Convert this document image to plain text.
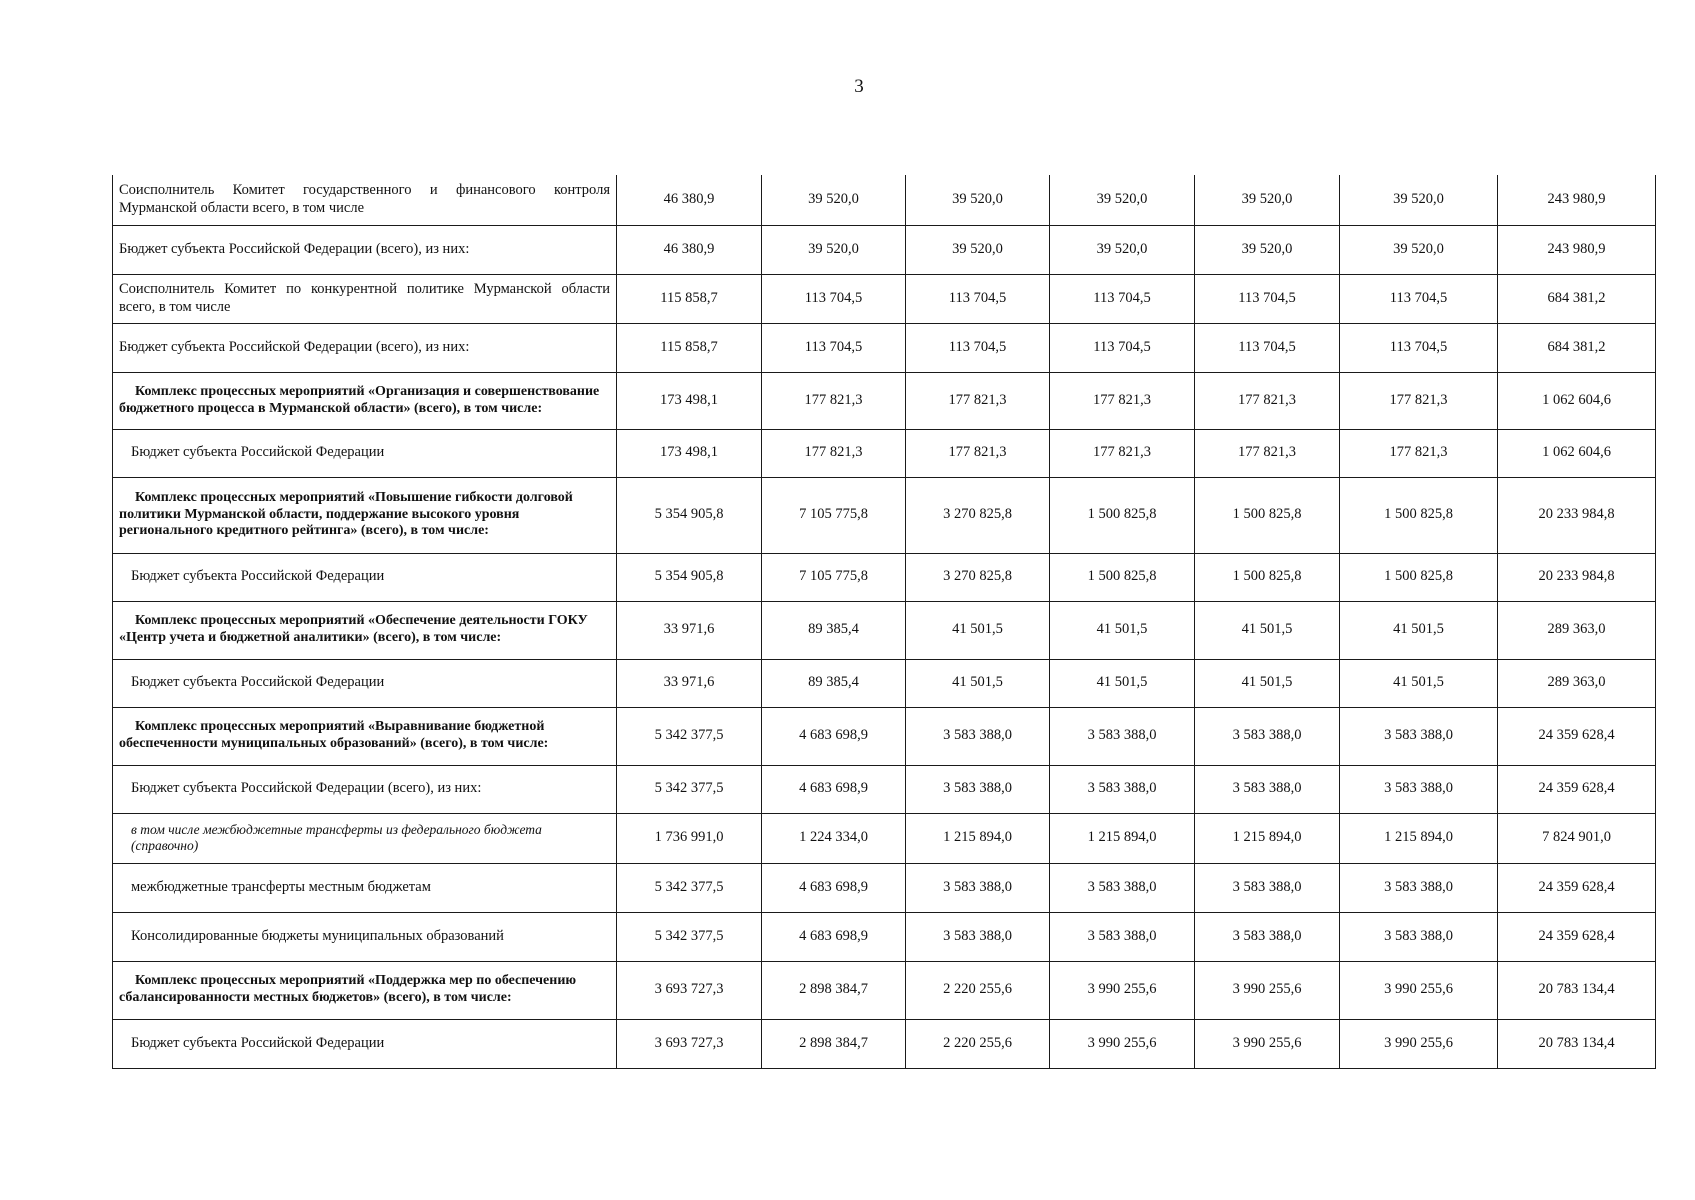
3
Соисполнитель Комитет государственного и финансового контроля Мурманской области всего, в том числе	46 380,9	39 520,0	39 520,0	39 520,0	39 520,0	39 520,0	243 980,9
Бюджет субъекта Российской Федерации (всего), из них:	46 380,9	39 520,0	39 520,0	39 520,0	39 520,0	39 520,0	243 980,9
Соисполнитель Комитет по конкурентной политике Мурманской области всего, в том числе	115 858,7	113 704,5	113 704,5	113 704,5	113 704,5	113 704,5	684 381,2
Бюджет субъекта Российской Федерации (всего), из них:	115 858,7	113 704,5	113 704,5	113 704,5	113 704,5	113 704,5	684 381,2
Комплекс процессных мероприятий «Организация и совершенствование бюджетного процесса в Мурманской области» (всего), в том числе:	173 498,1	177 821,3	177 821,3	177 821,3	177 821,3	177 821,3	1 062 604,6
Бюджет субъекта Российской Федерации	173 498,1	177 821,3	177 821,3	177 821,3	177 821,3	177 821,3	1 062 604,6
Комплекс процессных мероприятий «Повышение гибкости долговой политики Мурманской области, поддержание высокого уровня регионального кредитного рейтинга» (всего), в том числе:	5 354 905,8	7 105 775,8	3 270 825,8	1 500 825,8	1 500 825,8	1 500 825,8	20 233 984,8
Бюджет субъекта Российской Федерации	5 354 905,8	7 105 775,8	3 270 825,8	1 500 825,8	1 500 825,8	1 500 825,8	20 233 984,8
Комплекс процессных мероприятий «Обеспечение деятельности ГОКУ «Центр учета и бюджетной аналитики» (всего), в том числе:	33 971,6	89 385,4	41 501,5	41 501,5	41 501,5	41 501,5	289 363,0
Бюджет субъекта Российской Федерации	33 971,6	89 385,4	41 501,5	41 501,5	41 501,5	41 501,5	289 363,0
Комплекс процессных мероприятий «Выравнивание бюджетной обеспеченности муниципальных образований» (всего), в том числе:	5 342 377,5	4 683 698,9	3 583 388,0	3 583 388,0	3 583 388,0	3 583 388,0	24 359 628,4
Бюджет субъекта Российской Федерации (всего), из них:	5 342 377,5	4 683 698,9	3 583 388,0	3 583 388,0	3 583 388,0	3 583 388,0	24 359 628,4
в том числе межбюджетные трансферты из федерального бюджета (справочно)	1 736 991,0	1 224 334,0	1 215 894,0	1 215 894,0	1 215 894,0	1 215 894,0	7 824 901,0
межбюджетные трансферты местным бюджетам	5 342 377,5	4 683 698,9	3 583 388,0	3 583 388,0	3 583 388,0	3 583 388,0	24 359 628,4
Консолидированные бюджеты муниципальных образований	5 342 377,5	4 683 698,9	3 583 388,0	3 583 388,0	3 583 388,0	3 583 388,0	24 359 628,4
Комплекс процессных мероприятий «Поддержка мер по обеспечению сбалансированности местных бюджетов» (всего), в том числе:	3 693 727,3	2 898 384,7	2 220 255,6	3 990 255,6	3 990 255,6	3 990 255,6	20 783 134,4
Бюджет субъекта Российской Федерации	3 693 727,3	2 898 384,7	2 220 255,6	3 990 255,6	3 990 255,6	3 990 255,6	20 783 134,4
